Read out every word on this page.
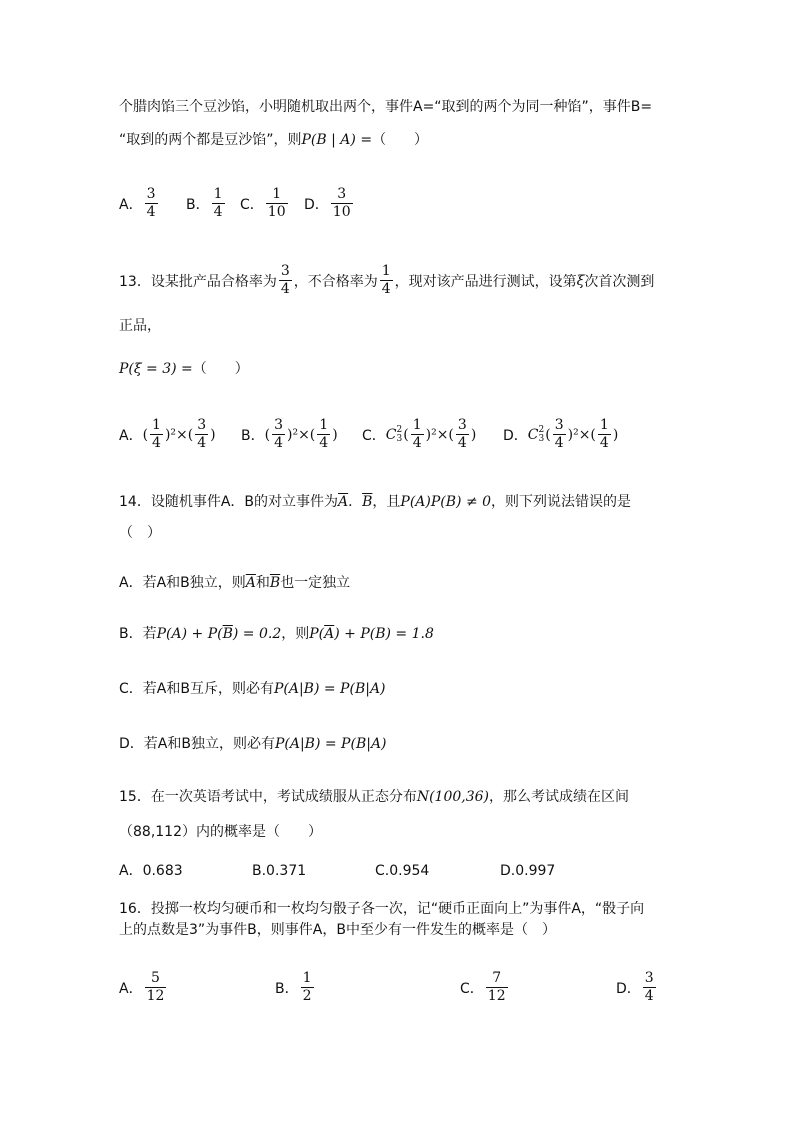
个腊肉馅三个豆沙馅，小明随机取出两个，事件A=“取到的两个为同一种馅”，事件B=
“取到的两个都是豆沙馅”，则P(B | A) =（　　）
A． $\frac{3}{4}$ B． $\frac{1}{4}$ C． $\frac{1}{10}$ D． $\frac{3}{10}$
13．设某批产品合格率为 $\frac{3}{4}$ ，不合格率为 $\frac{1}{4}$ ，现对该产品进行测试，设第 ξ 次首次测到
正品，
P(ξ = 3) =（　　）
A． ( $\frac{1}{4} )^2\times( \frac{3}{4}$ ) B． ( $\frac{3}{4} )^2\times( \frac{1}{4}$ ) C． C 2
3 ( $\frac{1}{4} )^2\times( \frac{3}{4}$ ) D． C 2
3 ( $\frac{3}{4} )^2\times( \frac{1}{4}$ )
14．设随机事件A．B的对立事件为$\overline{A}$．$\overline{B}$，且P(A)P(B) ≠ 0，则下列说法错误的是
（　）
A．若A和B独立，则$\overline{A}$和$\overline{B}$也一定独立
B．若$P(A) + P(\overline{B}) = 0.2$，则$P(\overline{A}) + P(B) = 1.8$
C．若A和B互斥，则必有P(A|B) = P(B|A)
D．若A和B独立，则必有P(A|B) = P(B|A)
15．在一次英语考试中，考试成绩服从正态分布N(100,36)，那么考试成绩在区间
（88,112）内的概率是（　　）
A．0.683	B.0.371	C.0.954	D.0.997
16．投掷一枚均匀硬币和一枚均匀骰子各一次，记“硬币正面向上”为事件A，“骰子向
上的点数是3”为事件B，则事件A，B中至少有一件发生的概率是（　）
A． $\frac{5}{12}$	B． $\frac{1}{2}$	C． $\frac{7}{12}$	D． $\frac{3}{4}$
